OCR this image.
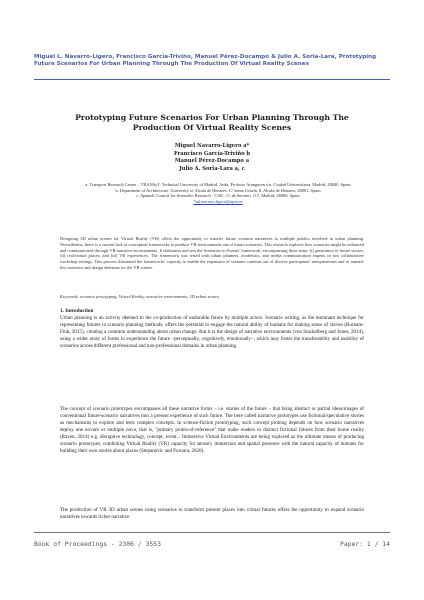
Miguel L. Navarro-Ligero, Francisco García-Triviño, Manuel Pérez-Docampo & Julio A. Soria-Lara, Prototyping Future Scenarios For Urban Planning Through The Production Of Virtual Reality Scenes
Prototyping Future Scenarios For Urban Planning Through The Production Of Virtual Reality Scenes
Miguel Navarro-Ligero a*
Francisco García-Triviño b
Manuel Pérez-Docampo a
Julio A. Soria-Lara a, c
a. Transport Research Centre – TRANSyT. Technical University of Madrid. Avda. Profesor Aranguren s/n, Ciudad Universitaria, Madrid, 28040, Spain
b. Department of Architecture. University of Alcalá de Henares. C/ Santa Ursula, 8, Alcalá de Henares, 28801, Spain
c. Spanish Council for Scientific Research - CSIC. C/ de Serrano, 117, Madrid, 28006, Spain
*ml.navarro.ligero@upm.es
Designing 3D urban scenes for Virtual Reality (VR) offers the opportunity to transfer future scenario narratives to multiple publics involved in urban planning. Nevertheless, there is a current lack of conceptual frameworks to produce VR environments out of future scenarios. This research explores how scenarios might be enhanced and communicated through VR narrative environments. It elaborates and test the Scenarios-to-Scenes' framework, encompassing three steps: (i) generation of future stories; (ii) real/virtual places; and (iii) VR experiences. The framework was tested with urban planners, academics, and media communication experts in two collaborative workshop settings. This process illustrated the frameworks' capacity to enable the expansion of scenario contents out of diverse participants' interpretations and to transfer key narrative and design elements for the VR scenes.
Keywords: scenario prototyping, Virtual Reality, narrative environments, 3D urban scenes
1. Introduction
Urban planning is an activity deemed to the co-production of endurable future by multiple actors. Scenario writing, as the dominant technique for representing futures in scenario planning methods, offers the potential to engage the natural ability of humans for making sense of stories (Burnam-Fink, 2015), creating a common understanding about urban change. But it is the design of narrative environments (von Stackelberg and Jones, 2014), using a wider array of forms to experience the future –perceptually, cognitively, emotionally–, which may foster the transferability and usability of scenarios across different professional and non-professional domains in urban planning.
The concept of scenario prototypes encompasses all these narrative forms – i.e. stories of the future – that bring abstract or partial ideas/images of conventional future-scenario narratives into a present experience of such future. The here called narrative prototypes use fictional/speculative stories as mechanisms to explore and tests complex concepts. In science-fiction prototyping, such concept probing depends on how scenario narratives deploy one novum or multiple nova, that is, "primary points-of-reference" that make readers to distinct fictional futures from their home reality (Raven, 2014) e.g. disruptive technology, concept, event... Immersive Virtual Environments are being explored as the ultimate means of producing scenario prototypes, combining Virtual Reality (VR) capacity for sensory immersion and spatial presence with the natural capacity of humans for building their own stories about places (Stepanovic and Fornara, 2020).
The production of VR 3D urban scenes using scenarios to transform present places into virtual futures offers the opportunity to expand scenario narratives towards richer narrative
Book of Proceedings - 2306 / 3553	Paper: 1 / 14
